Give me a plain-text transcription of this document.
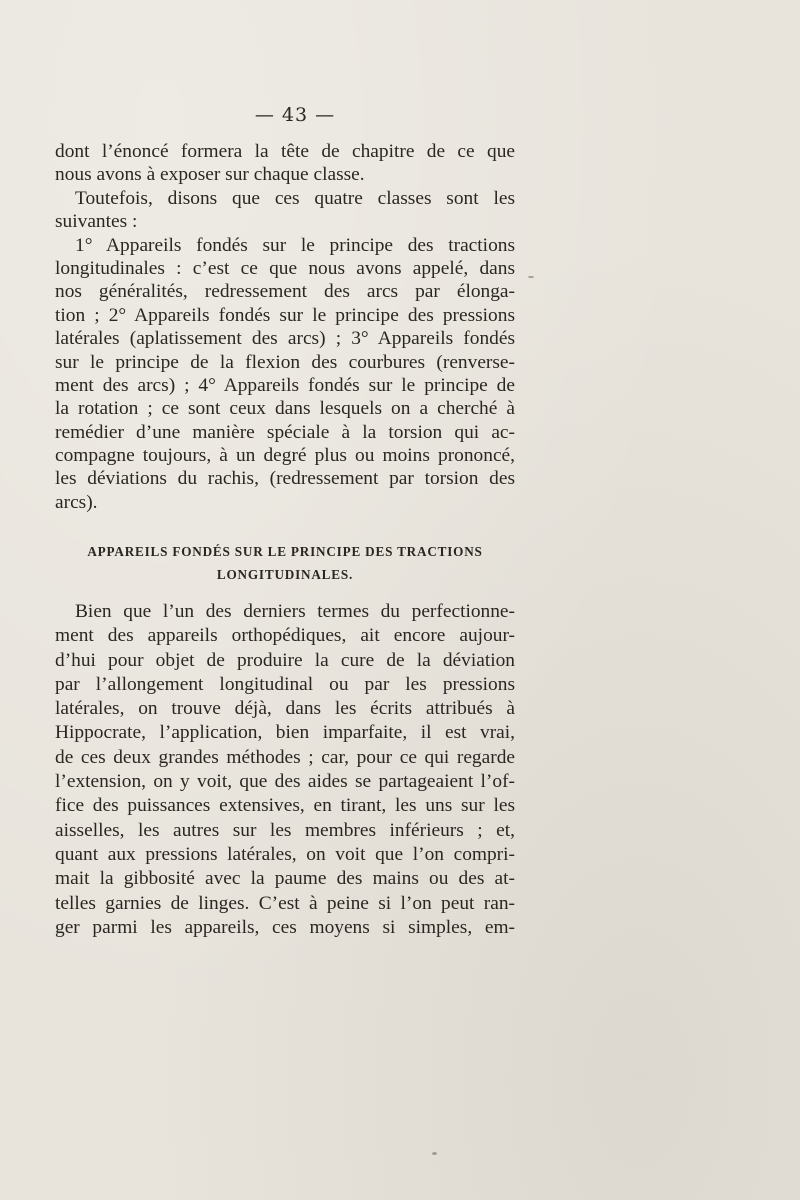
— 43 —
dont l’énoncé formera la tête de chapitre de ce que
nous avons à exposer sur chaque classe.
Toutefois, disons que ces quatre classes sont les
suivantes :
1° Appareils fondés sur le principe des tractions
longitudinales : c’est ce que nous avons appelé, dans
nos généralités, redressement des arcs par élonga-
tion ; 2° Appareils fondés sur le principe des pressions
latérales (aplatissement des arcs) ; 3° Appareils fondés
sur le principe de la flexion des courbures (renverse-
ment des arcs) ; 4° Appareils fondés sur le principe de
la rotation ; ce sont ceux dans lesquels on a cherché à
remédier d’une manière spéciale à la torsion qui ac-
compagne toujours, à un degré plus ou moins prononcé,
les déviations du rachis, (redressement par torsion des
arcs).
APPAREILS FONDÉS SUR LE PRINCIPE DES TRACTIONS
LONGITUDINALES.
Bien que l’un des derniers termes du perfectionne-
ment des appareils orthopédiques, ait encore aujour-
d’hui pour objet de produire la cure de la déviation
par l’allongement longitudinal ou par les pressions
latérales, on trouve déjà, dans les écrits attribués à
Hippocrate, l’application, bien imparfaite, il est vrai,
de ces deux grandes méthodes ; car, pour ce qui regarde
l’extension, on y voit, que des aides se partageaient l’of-
fice des puissances extensives, en tirant, les uns sur les
aisselles, les autres sur les membres inférieurs ; et,
quant aux pressions latérales, on voit que l’on compri-
mait la gibbosité avec la paume des mains ou des at-
telles garnies de linges. C’est à peine si l’on peut ran-
ger parmi les appareils, ces moyens si simples, em-
